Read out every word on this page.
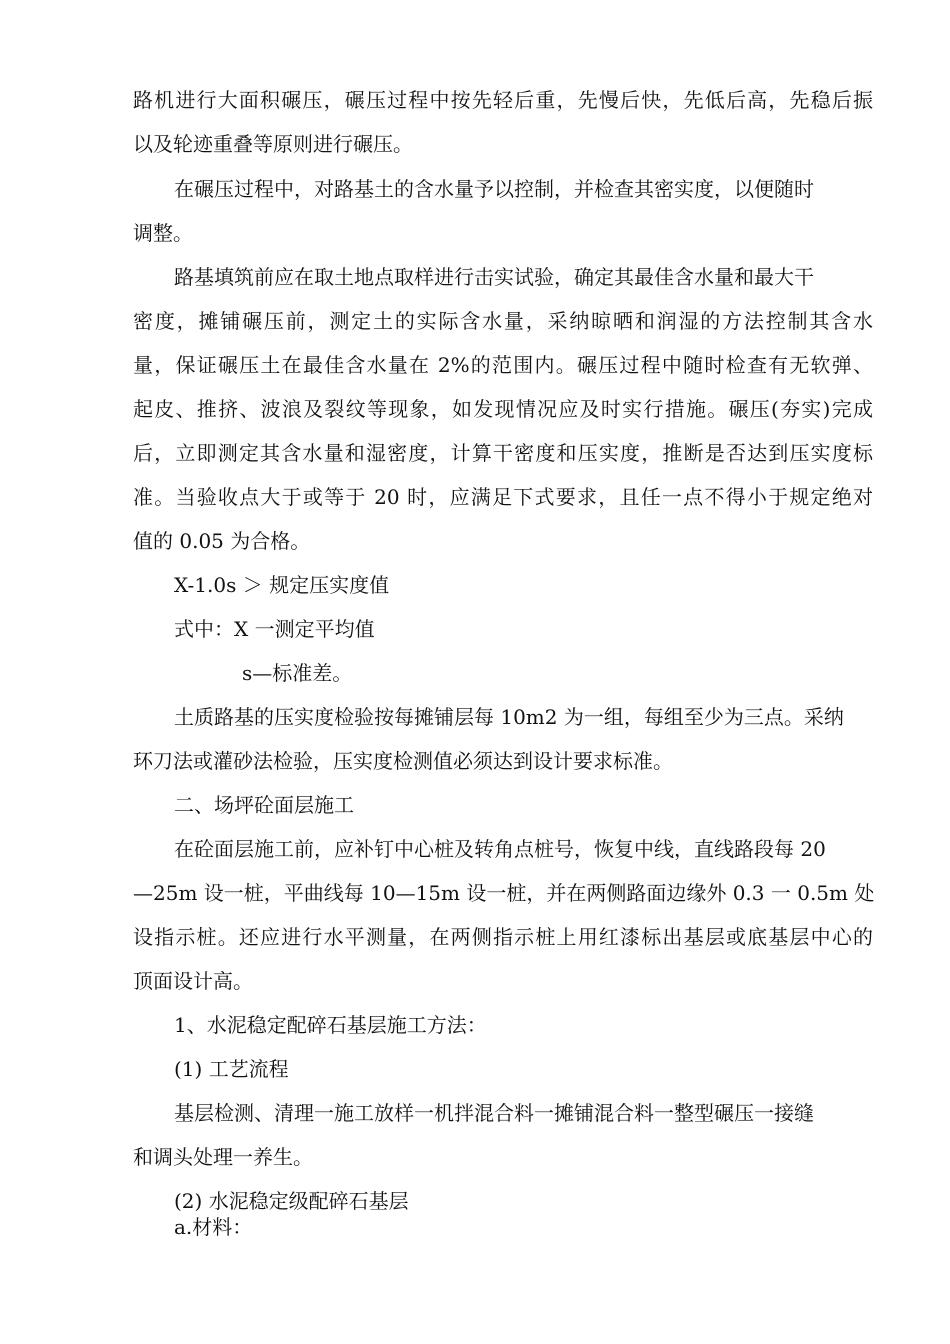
路机进行大面积碾压，碾压过程中按先轻后重，先慢后快，先低后高，先稳后振
以及轮迹重叠等原则进行碾压。
在碾压过程中，对路基土的含水量予以控制，并检查其密实度，以便随时
调整。
路基填筑前应在取土地点取样进行击实试验，确定其最佳含水量和最大干
密度，摊铺碾压前，测定土的实际含水量，采纳晾晒和润湿的方法控制其含水
量，保证碾压土在最佳含水量在 2%的范围内。碾压过程中随时检查有无软弹、
起皮、推挤、波浪及裂纹等现象，如发现情况应及时实行措施。碾压(夯实)完成
后，立即测定其含水量和湿密度，计算干密度和压实度，推断是否达到压实度标
准。当验收点大于或等于 20 时，应满足下式要求，且任一点不得小于规定绝对
值的 0.05 为合格。
X-1.0s ＞ 规定压实度值
式中：X 一测定平均值
s—标准差。
土质路基的压实度检验按每摊铺层每 10m2 为一组，每组至少为三点。采纳
环刀法或灌砂法检验，压实度检测值必须达到设计要求标准。
二、场坪砼面层施工
在砼面层施工前，应补钉中心桩及转角点桩号，恢复中线，直线路段每 20
—25m 设一桩，平曲线每 10—15m 设一桩，并在两侧路面边缘外 0.3 一 0.5m 处
设指示桩。还应进行水平测量，在两侧指示桩上用红漆标出基层或底基层中心的
顶面设计高。
1、水泥稳定配碎石基层施工方法：
(1) 工艺流程
基层检测、清理一施工放样一机拌混合料一摊铺混合料一整型碾压一接缝
和调头处理一养生。
(2) 水泥稳定级配碎石基层
a.材料：
